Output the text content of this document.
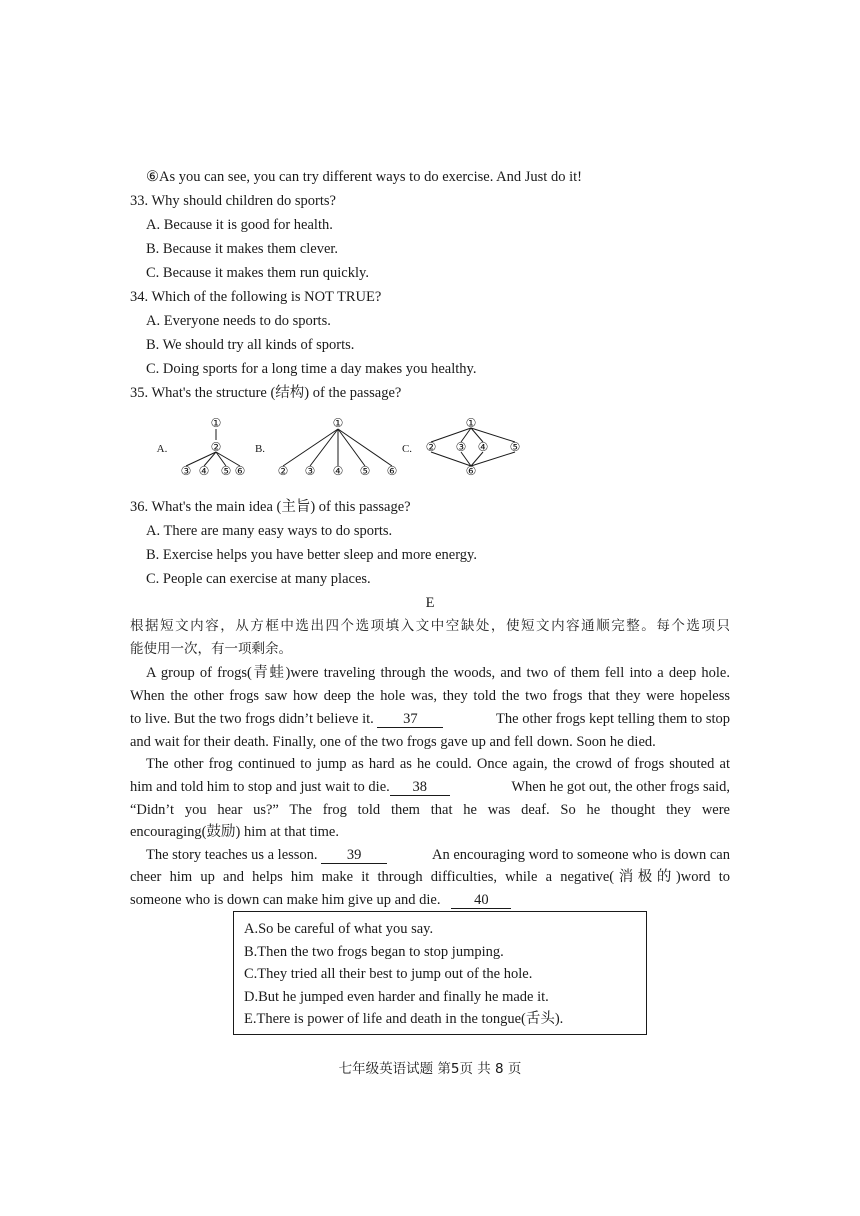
⑥As you can see, you can try different ways to do exercise. And Just do it!
33. Why should children do sports?
A. Because it is good for health.
B. Because it makes them clever.
C. Because it makes them run quickly.
34. Which of the following is NOT TRUE?
A. Everyone needs to do sports.
B. We should try all kinds of sports.
C. Doing sports for a long time a day makes you healthy.
35. What's the structure (结构) of the passage?
A.
①
②
③ ④ ⑤ ⑥
B.
①
② ③ ④ ⑤ ⑥
C.
①
② ③ ④ ⑤
⑥
36. What's the main idea (主旨) of this passage?
A. There are many easy ways to do sports.
B. Exercise helps you have better sleep and more energy.
C. People can exercise at many places.
E
根据短文内容，从方框中选出四个选项填入文中空缺处，使短文内容通顺完整。每个选项只
能使用一次，有一项剩余。
A group of frogs(青蛙)were traveling through the woods, and two of them fell into a deep hole.
When the other frogs saw how deep the hole was, they told the two frogs that they were hopeless
to live. But the two frogs didn’t believe it. 37	The other frogs kept telling them to stop
and wait for their death. Finally, one of the two frogs gave up and fell down. Soon he died.
The other frog continued to jump as hard as he could. Once again, the crowd of frogs shouted at
him and told him to stop and just wait to die. 38	When he got out, the other frogs said,
“Didn’t you hear us?” The frog told them that he was deaf. So he thought they were
encouraging(鼓励) him at that time.
The story teaches us a lesson. 39	An encouraging word to someone who is down can
cheer him up and helps him make it through difficulties, while a negative(消极的)word to
someone who is down can make him give up and die. 40
A.So be careful of what you say.
B.Then the two frogs began to stop jumping.
C.They tried all their best to jump out of the hole.
D.But he jumped even harder and finally he made it.
E.There is power of life and death in the tongue(舌头).
七年级英语试题 第5页 共 8 页
